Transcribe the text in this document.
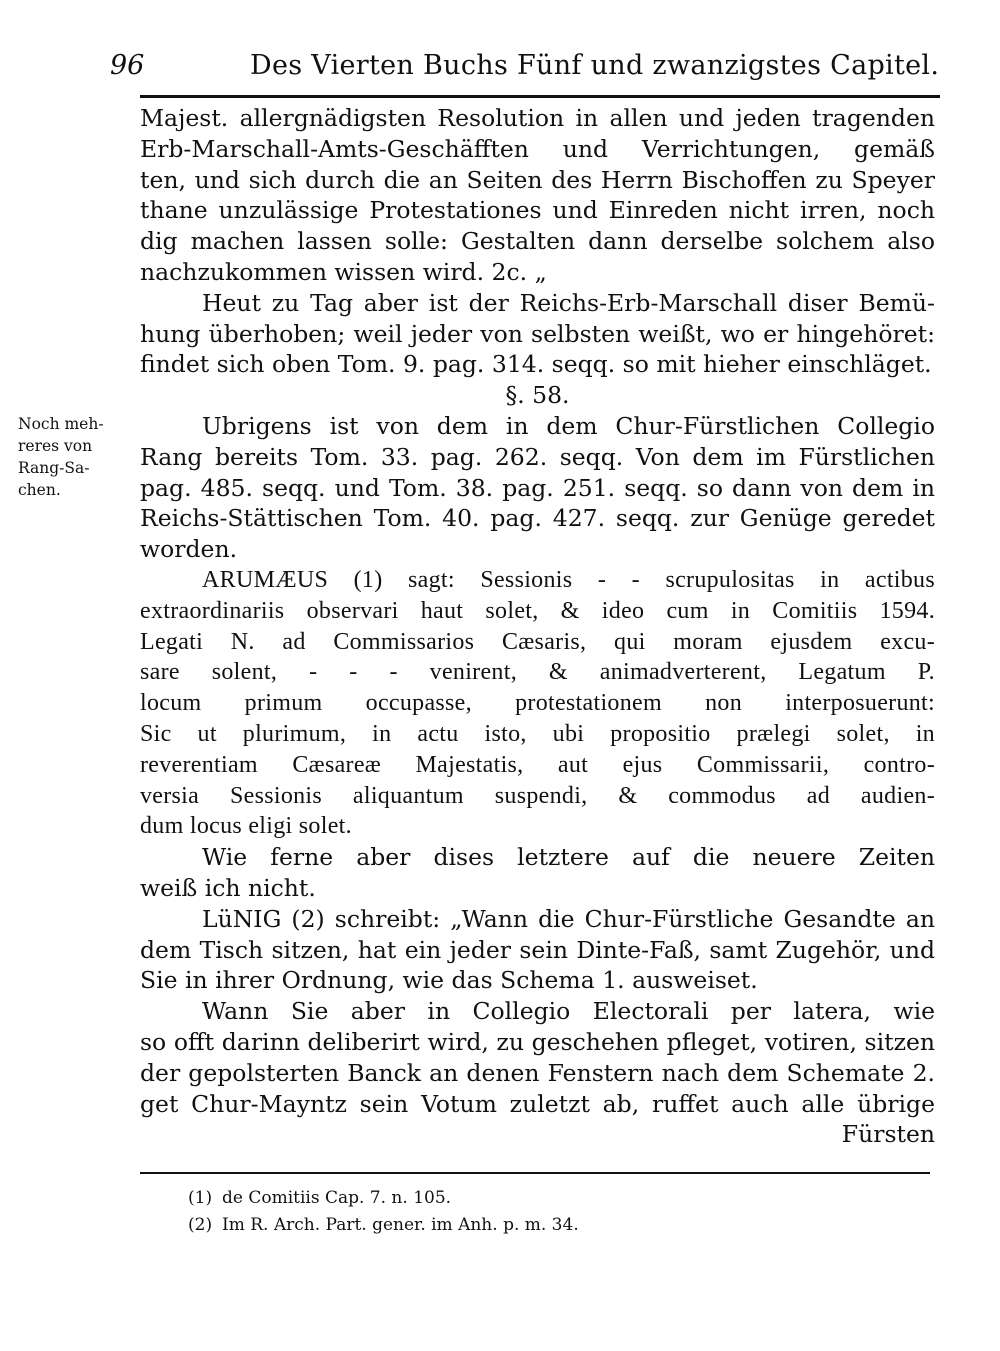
96	Des Vierten Buchs Fünf und zwanzigstes Capitel.
Noch meh-
reres von
Rang-Sa-
chen.
Majest. allergnädigsten Resolution in allen und jeden tragenden
Erb-Marschall-Amts-Geschäfften und Verrichtungen, gemäß
ten, und sich durch die an Seiten des Herrn Bischoffen zu Speyer
thane unzulässige Protestationes und Einreden nicht irren, noch
dig machen lassen solle: Gestalten dann derselbe solchem also
nachzukommen wissen wird. 2c. „
Heut zu Tag aber ist der Reichs-Erb-Marschall diser Bemü-
hung überhoben; weil jeder von selbsten weißt, wo er hingehöret:
findet sich oben Tom. 9. pag. 314. seqq. so mit hieher einschläget.
§. 58.
Ubrigens ist von dem in dem Chur-Fürstlichen Collegio
Rang bereits Tom. 33. pag. 262. seqq. Von dem im Fürstlichen
pag. 485. seqq. und Tom. 38. pag. 251. seqq. so dann von dem in
Reichs-Stättischen Tom. 40. pag. 427. seqq. zur Genüge geredet
worden.
ARUMÆUS (1) sagt: Sessionis - - scrupulositas in actibus
extraordinariis observari haut solet, & ideo cum in Comitiis 1594.
Legati N. ad Commissarios Cæsaris, qui moram ejusdem excu-
sare solent, - - - venirent, & animadverterent, Legatum P.
locum primum occupasse, protestationem non interposuerunt:
Sic ut plurimum, in actu isto, ubi propositio prælegi solet, in
reverentiam Cæsareæ Majestatis, aut ejus Commissarii, contro-
versia Sessionis aliquantum suspendi, & commodus ad audien-
dum locus eligi solet.
Wie ferne aber dises letztere auf die neuere Zeiten
weiß ich nicht.
LüNIG (2) schreibt: „Wann die Chur-Fürstliche Gesandte an
dem Tisch sitzen, hat ein jeder sein Dinte-Faß, samt Zugehör, und
Sie in ihrer Ordnung, wie das Schema 1. ausweiset.
Wann Sie aber in Collegio Electorali per latera, wie
so offt darinn deliberirt wird, zu geschehen pfleget, votiren, sitzen
der gepolsterten Banck an denen Fenstern nach dem Schemate 2.
get Chur-Mayntz sein Votum zuletzt ab, ruffet auch alle übrige
Fürsten
(1) de Comitiis Cap. 7. n. 105.
(2) Im R. Arch. Part. gener. im Anh. p. m. 34.
